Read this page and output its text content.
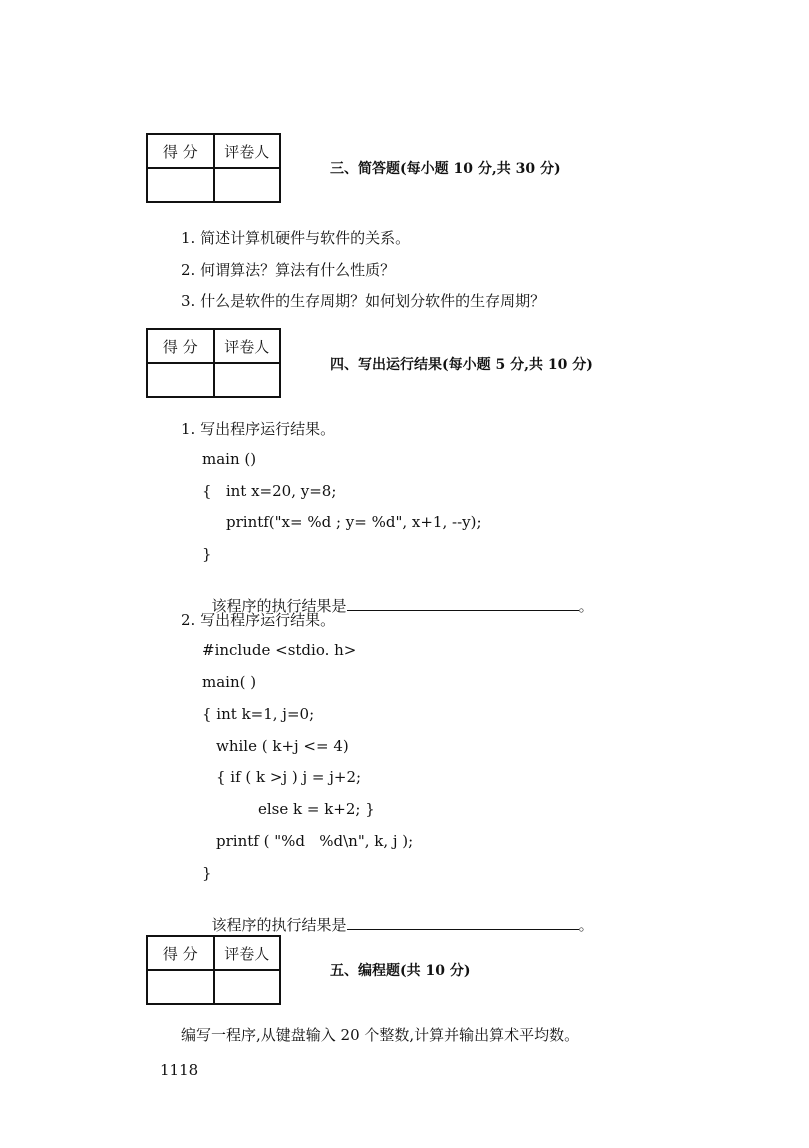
得 分	评卷人

三、简答题(每小题 10 分,共 30 分)
1. 简述计算机硬件与软件的关系。
2. 何谓算法？算法有什么性质？
3. 什么是软件的生存周期？如何划分软件的生存周期？
得 分	评卷人

四、写出运行结果(每小题 5 分,共 10 分)
1. 写出程序运行结果。
main ()
{   int x=20, y=8;
printf("x= %d ; y= %d", x+1, --y);
}

该程序的执行结果是	。

2. 写出程序运行结果。
#include <stdio. h>
main( )
{ int k=1, j=0;
while ( k+j <= 4)
{ if ( k >j ) j = j+2;
else k = k+2; }
printf ( "%d   %d\n", k, j );
}

该程序的执行结果是	。

得 分	评卷人

五、编程题(共 10 分)
编写一程序,从键盘输入 20 个整数,计算并输出算术平均数。
1118
